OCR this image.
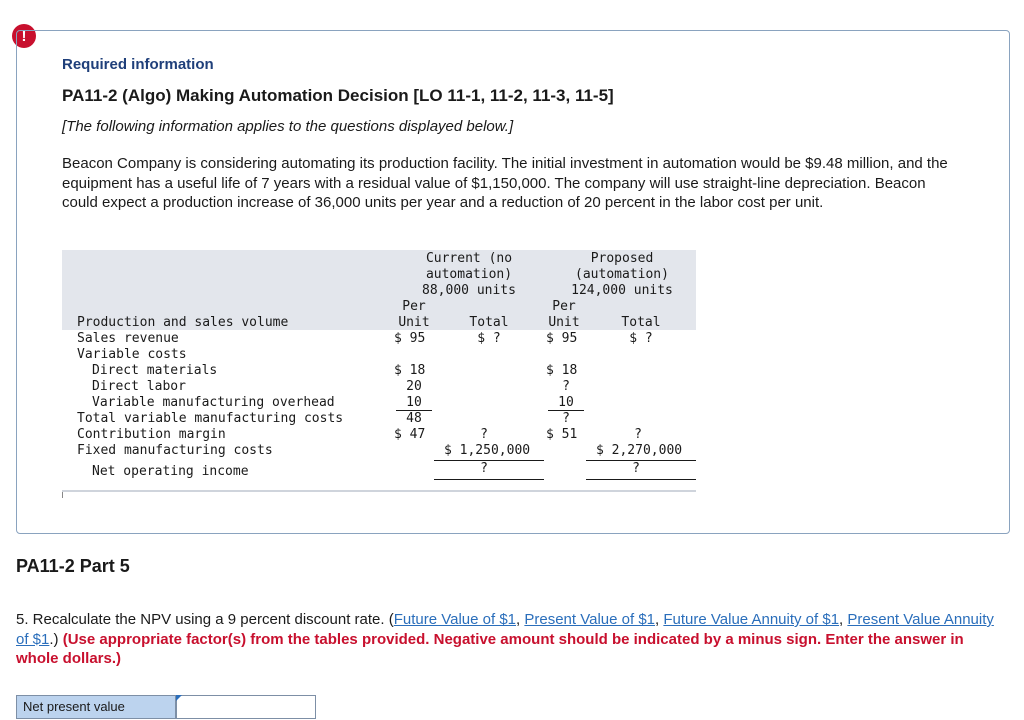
!
Required information
PA11-2 (Algo) Making Automation Decision [LO 11-1, 11-2, 11-3, 11-5]
[The following information applies to the questions displayed below.]
Beacon Company is considering automating its production facility. The initial investment in automation would be $9.48 million, and the equipment has a useful life of 7 years with a residual value of $1,150,000. The company will use straight-line depreciation. Beacon could expect a production increase of 36,000 units per year and a reduction of 20 percent in the labor cost per unit.
Current (no
automation)
88,000 units
Proposed
(automation)
124,000 units
Per
Unit	Total
Per
Unit	Total
Production and sales volume
Sales revenue
Variable costs
Direct materials
Direct labor
Variable manufacturing overhead
Total variable manufacturing costs
Contribution margin
Fixed manufacturing costs
Net operating income
$ 95
$ 18
20
10
48
$ 47
$ ?
?
$ 1,250,000
?
$ 95
$ 18
?
10
?
$ 51
$ ?
?
$ 2,270,000
?
PA11-2 Part 5
5. Recalculate the NPV using a 9 percent discount rate. (Future Value of $1, Present Value of $1, Future Value Annuity of $1, Present Value Annuity of $1.) (Use appropriate factor(s) from the tables provided. Negative amount should be indicated by a minus sign. Enter the answer in whole dollars.)
Net present value
